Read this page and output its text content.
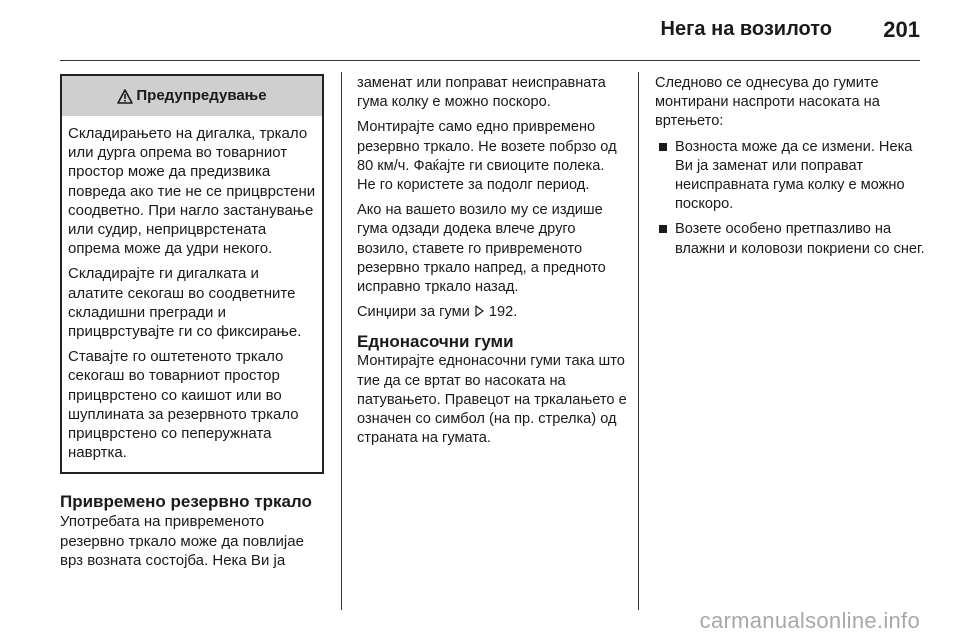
Нега на возилото 201
Предупредување

Складирањето на дигалка, тркало или дурга опрема во товарниот простор може да предизвика повреда ако тие не се прицврстени соодветно. При нагло застанување или судир, неприцврстената опрема може да удри некого.

Складирајте ги дигалката и алатите секогаш во соодветните складишни прегради и прицврстувајте ги со фиксирање.

Ставајте го оштетеното тркало секогаш во товарниот простор прицврстено со каишот или во шуплината за резервното тркало прицврстено со пеперужната навртка.

Привремено резервно тркало

Употребата на привременото резервно тркало може да повлијае врз возната состојба. Нека Ви ја

заменат или поправат неисправната гума колку е можно поскоро.

Монтирајте само едно привремено резервно тркало. Не возете побрзо од 80 км/ч. Фаќајте ги свиоците полека. Не го користете за подолг период.

Ако на вашето возило му се издише гума одзади додека влече друго возило, ставете го привременото резервно тркало напред, а предното исправно тркало назад.

Синџири за гуми 192.

Еднонасочни гуми

Монтирајте еднонасочни гуми така што тие да се вртат во насоката на патувањето. Правецот на тркалањето е означен со симбол (на пр. стрелка) од страната на гумата.

Следново се однесува до гумите монтирани наспроти насоката на вртењето:

Возноста може да се измени. Нека Ви ја заменат или поправат неисправната гума колку е можно поскоро.
Возете особено претпазливо на влажни и коловози покриени со снег.
carmanualsonline.info
